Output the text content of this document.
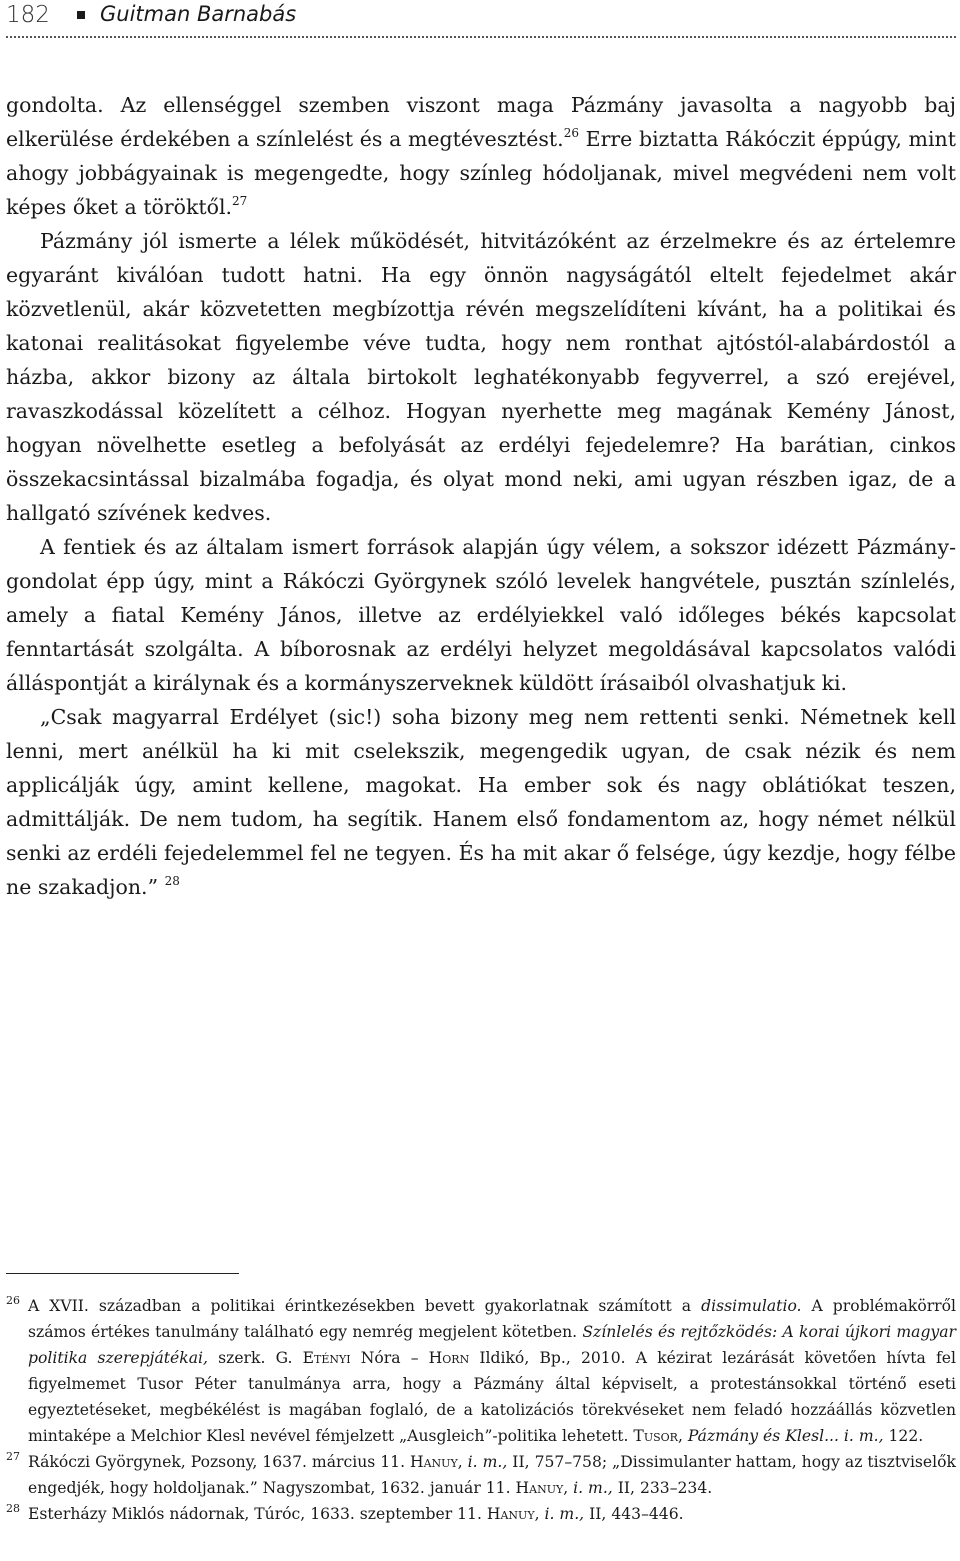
182 Guitman Barnabás

gondolta. Az ellenséggel szemben viszont maga Pázmány javasolta a nagyobb baj elkerülése érdekében a színlelést és a megtévesztést.$^{26}$ Erre biztatta Rákóczit éppúgy, mint ahogy jobbágyainak is megengedte, hogy színleg hódoljanak, mivel megvédeni nem volt képes őket a töröktől.$^{27}$

Pázmány jól ismerte a lélek működését, hitvitázóként az érzelmekre és az értelemre egyaránt kiválóan tudott hatni. Ha egy önnön nagyságától eltelt fejedelmet akár közvetlenül, akár közvetetten megbízottja révén megszelídíteni kívánt, ha a politikai és katonai realitásokat figyelembe véve tudta, hogy nem ronthat ajtóstól-alabárdostól a házba, akkor bizony az általa birtokolt leghatékonyabb fegyverrel, a szó erejével, ravaszkodással közelített a célhoz. Hogyan nyerhette meg magának Kemény Jánost, hogyan növelhette esetleg a befolyását az erdélyi fejedelemre? Ha barátian, cinkos összekacsintással bizalmába fogadja, és olyat mond neki, ami ugyan részben igaz, de a hallgató szívének kedves.

A fentiek és az általam ismert források alapján úgy vélem, a sokszor idézett Pázmány-gondolat épp úgy, mint a Rákóczi Györgynek szóló levelek hangvétele, pusztán színlelés, amely a fiatal Kemény János, illetve az erdélyiekkel való időleges békés kapcsolat fenntartását szolgálta. A bíborosnak az erdélyi helyzet megoldásával kapcsolatos valódi álláspontját a királynak és a kormányszerveknek küldött írásaiból olvashatjuk ki.

„Csak magyarral Erdélyet (sic!) soha bizony meg nem rettenti senki. Németnek kell lenni, mert anélkül ha ki mit cselekszik, megengedik ugyan, de csak nézik és nem applicálják úgy, amint kellene, magokat. Ha ember sok és nagy oblátiókat teszen, admittálják. De nem tudom, ha segítik. Hanem első fondamentom az, hogy német nélkül senki az erdéli fejedelemmel fel ne tegyen. És ha mit akar ő felsége, úgy kezdje, hogy félbe ne szakadjon.” $^{28}$

26 A XVII. században a politikai érintkezésekben bevett gyakorlatnak számított a dissimulatio. A problémakörről számos értékes tanulmány található egy nemrég megjelent kötetben. Színlelés és rejtőzködés: A korai újkori magyar politika szerepjátékai, szerk. G. Etényi Nóra – Horn Ildikó, Bp., 2010. A kézirat lezárását követően hívta fel figyelmemet Tusor Péter tanulmánya arra, hogy a Pázmány által képviselt, a protestánsokkal történő eseti egyeztetéseket, megbékélést is magában foglaló, de a katolizációs törekvéseket nem feladó hozzáállás közvetlen mintaképe a Melchior Klesl nevével fémjelzett „Ausgleich”-politika lehetett. Tusor, Pázmány és Klesl... i. m., 122.
27 Rákóczi Györgynek, Pozsony, 1637. március 11. Hanuy, i. m., II, 757–758; „Dissimulanter hattam, hogy az tisztviselők engedjék, hogy holdoljanak.” Nagyszombat, 1632. január 11. Hanuy, i. m., II, 233–234.
28 Esterházy Miklós nádornak, Túróc, 1633. szeptember 11. Hanuy, i. m., II, 443–446.
